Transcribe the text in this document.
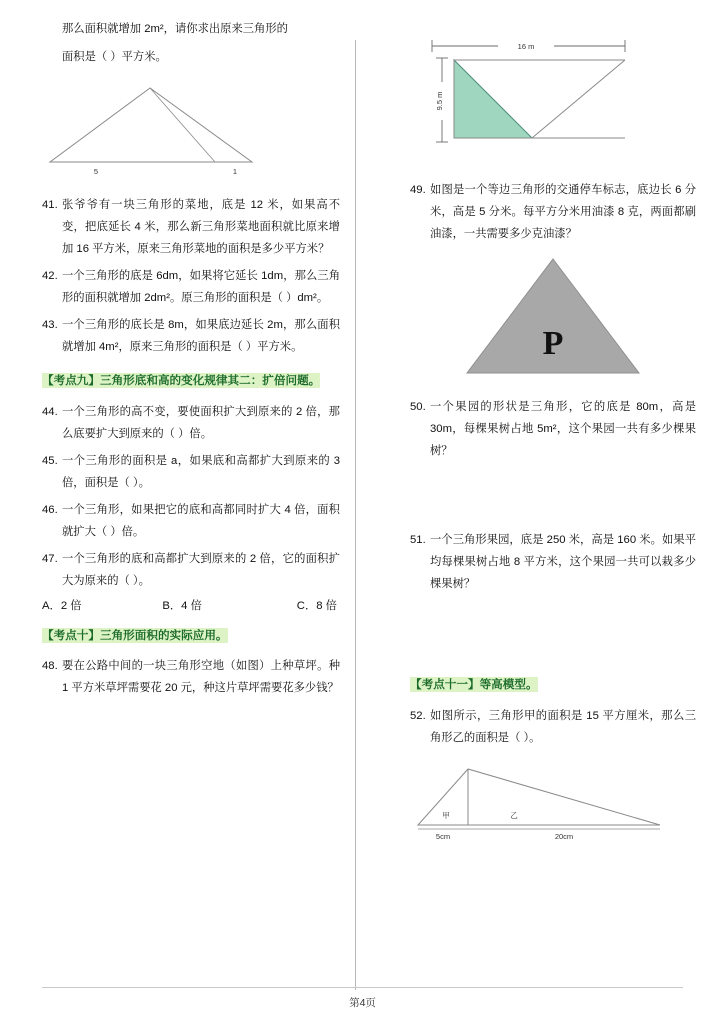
那么面积就增加 2m²，请你求出原来三角形的
面积是（ ）平方米。
5	1
41. 张爷爷有一块三角形的菜地，底是 12 米，如果高不变，把底延长 4 米，那么新三角形菜地面积就比原来增加 16 平方米，原来三角形菜地的面积是多少平方米？
42. 一个三角形的底是 6dm，如果将它延长 1dm，那么三角形的面积就增加 2dm²。原三角形的面积是（ ）dm²。
43. 一个三角形的底长是 8m，如果底边延长 2m，那么面积就增加 4m²，原来三角形的面积是（ ）平方米。
【考点九】三角形底和高的变化规律其二：扩倍问题。
44. 一个三角形的高不变，要使面积扩大到原来的 2 倍，那么底要扩大到原来的（ ）倍。
45. 一个三角形的面积是 a，如果底和高都扩大到原来的 3 倍，面积是（ ）。
46. 一个三角形，如果把它的底和高都同时扩大 4 倍，面积就扩大（ ）倍。
47. 一个三角形的底和高都扩大到原来的 2 倍，它的面积扩大为原来的（ ）。
A．2 倍	B．4 倍	C．8 倍
【考点十】三角形面积的实际应用。
48. 要在公路中间的一块三角形空地（如图）上种草坪。种 1 平方米草坪需要花 20 元，种这片草坪需要花多少钱？
16 m
9.5 m
49. 如图是一个等边三角形的交通停车标志，底边长 6 分米，高是 5 分米。每平方分米用油漆 8 克，两面都刷油漆，一共需要多少克油漆？
P
50. 一个果园的形状是三角形，它的底是 80m，高是 30m，每棵果树占地 5m²，这个果园一共有多少棵果树？
51. 一个三角形果园，底是 250 米，高是 160 米。如果平均每棵果树占地 8 平方米，这个果园一共可以栽多少棵果树？
【考点十一】等高模型。
52. 如图所示，三角形甲的面积是 15 平方厘米，那么三角形乙的面积是（ ）。
甲	乙
5cm	20cm
第4页
